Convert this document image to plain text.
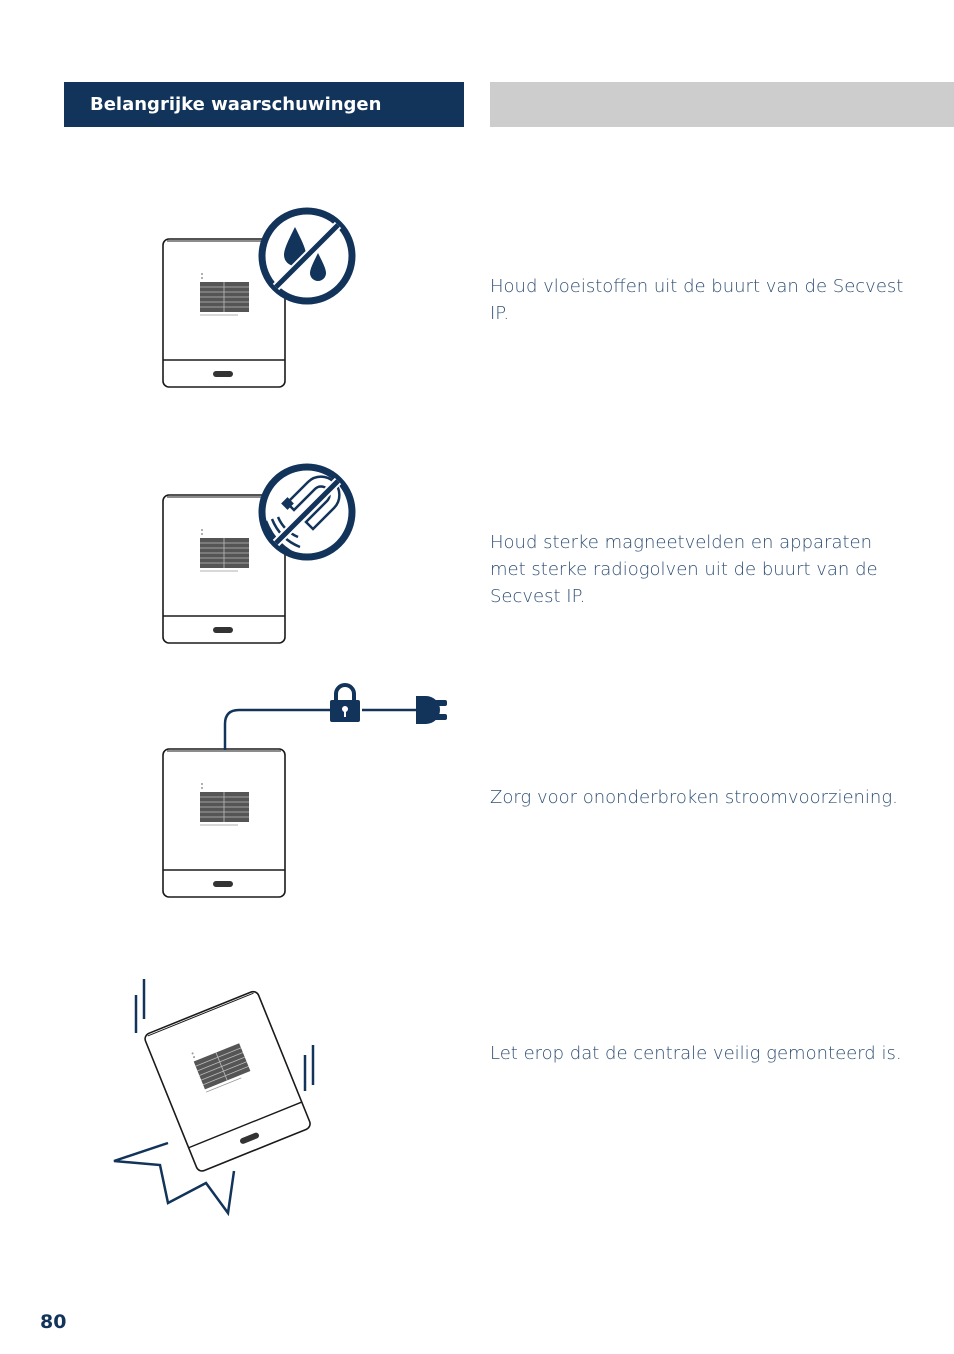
Belangrijke waarschuwingen
Houd vloeistoffen uit de buurt van de Secvest IP.
Houd sterke magneetvelden en apparaten met sterke radiogolven uit de buurt van de Secvest IP.
Zorg voor ononderbroken stroomvoorziening.
Let erop dat de centrale veilig gemonteerd is.
80
